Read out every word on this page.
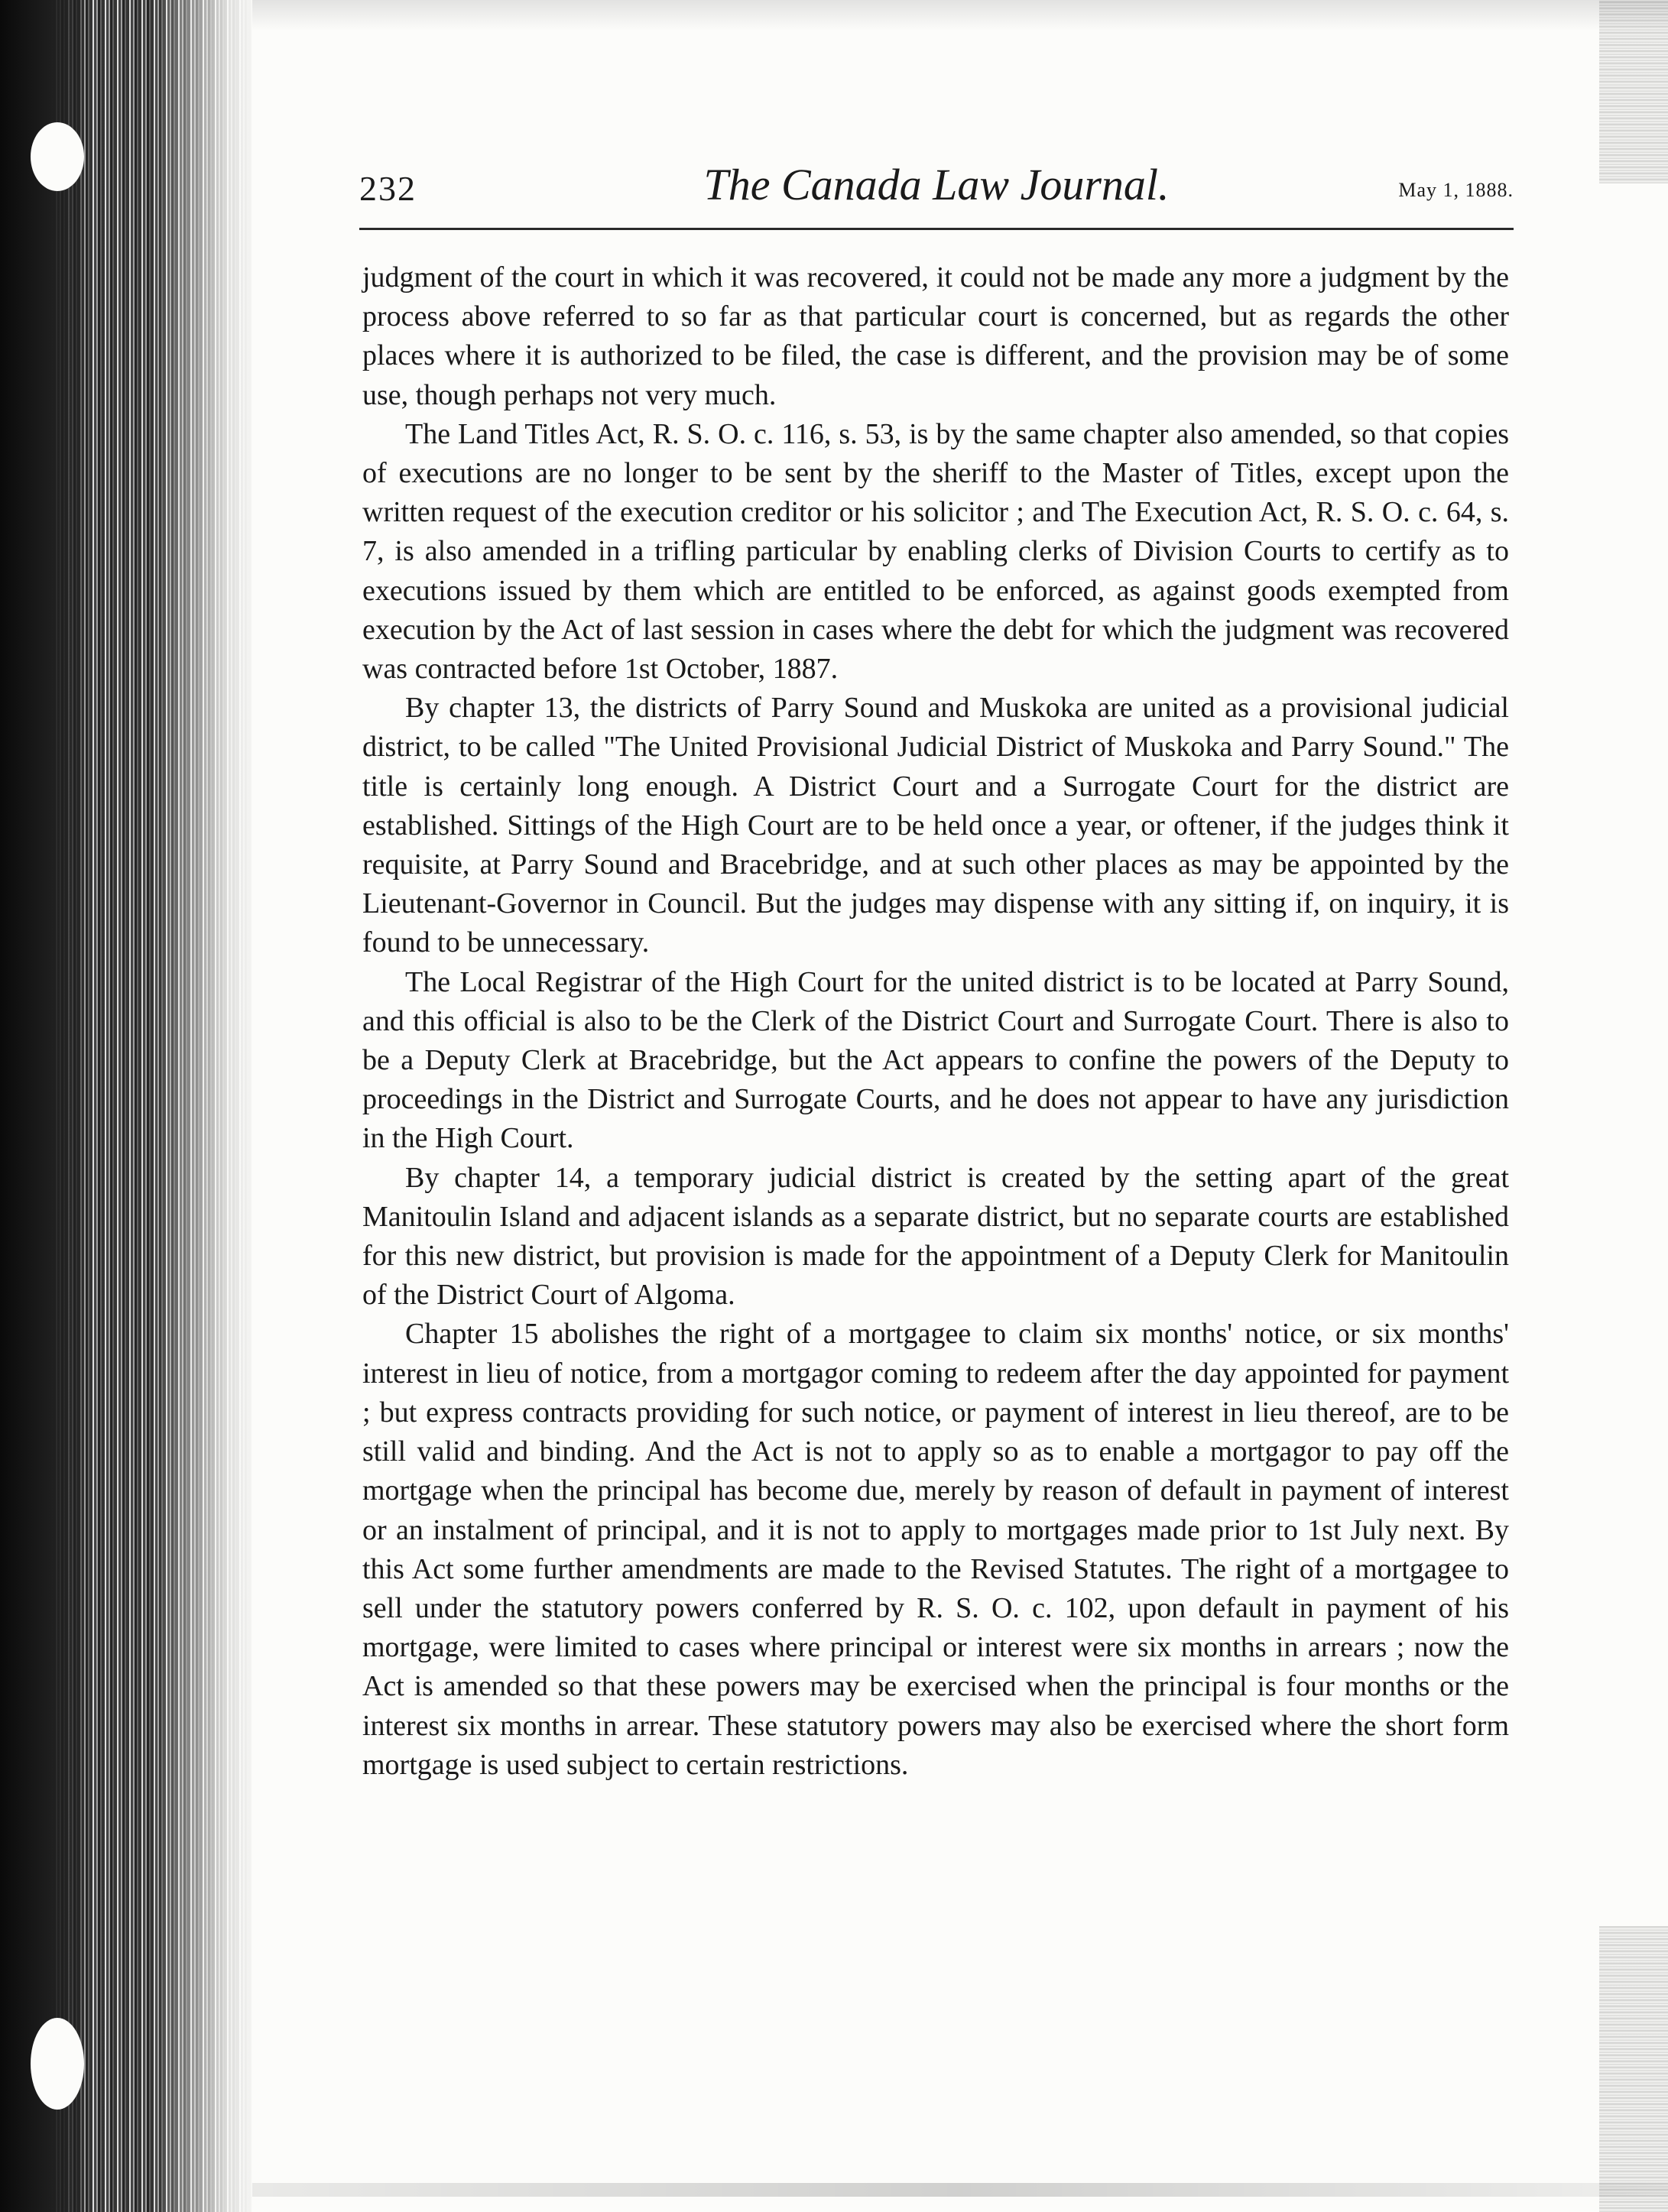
232	The Canada Law Journal.	May 1, 1888.

judgment of the court in which it was recovered, it could not be made any more a judgment by the process above referred to so far as that particular court is concerned, but as regards the other places where it is authorized to be filed, the case is different, and the provision may be of some use, though perhaps not very much.

The Land Titles Act, R. S. O. c. 116, s. 53, is by the same chapter also amended, so that copies of executions are no longer to be sent by the sheriff to the Master of Titles, except upon the written request of the execution creditor or his solicitor ; and The Execution Act, R. S. O. c. 64, s. 7, is also amended in a trifling particular by enabling clerks of Division Courts to certify as to executions issued by them which are entitled to be enforced, as against goods exempted from execution by the Act of last session in cases where the debt for which the judgment was recovered was contracted before 1st October, 1887.

By chapter 13, the districts of Parry Sound and Muskoka are united as a provisional judicial district, to be called "The United Provisional Judicial District of Muskoka and Parry Sound." The title is certainly long enough. A District Court and a Surrogate Court for the district are established. Sittings of the High Court are to be held once a year, or oftener, if the judges think it requisite, at Parry Sound and Bracebridge, and at such other places as may be appointed by the Lieutenant-Governor in Council. But the judges may dispense with any sitting if, on inquiry, it is found to be unnecessary.

The Local Registrar of the High Court for the united district is to be located at Parry Sound, and this official is also to be the Clerk of the District Court and Surrogate Court. There is also to be a Deputy Clerk at Bracebridge, but the Act appears to confine the powers of the Deputy to proceedings in the District and Surrogate Courts, and he does not appear to have any jurisdiction in the High Court.

By chapter 14, a temporary judicial district is created by the setting apart of the great Manitoulin Island and adjacent islands as a separate district, but no separate courts are established for this new district, but provision is made for the appointment of a Deputy Clerk for Manitoulin of the District Court of Algoma.

Chapter 15 abolishes the right of a mortgagee to claim six months' notice, or six months' interest in lieu of notice, from a mortgagor coming to redeem after the day appointed for payment ; but express contracts providing for such notice, or payment of interest in lieu thereof, are to be still valid and binding. And the Act is not to apply so as to enable a mortgagor to pay off the mortgage when the principal has become due, merely by reason of default in payment of interest or an instalment of principal, and it is not to apply to mortgages made prior to 1st July next. By this Act some further amendments are made to the Revised Statutes. The right of a mortgagee to sell under the statutory powers conferred by R. S. O. c. 102, upon default in payment of his mortgage, were limited to cases where principal or interest were six months in arrears ; now the Act is amended so that these powers may be exercised when the principal is four months or the interest six months in arrear. These statutory powers may also be exercised where the short form mortgage is used subject to certain restrictions.
